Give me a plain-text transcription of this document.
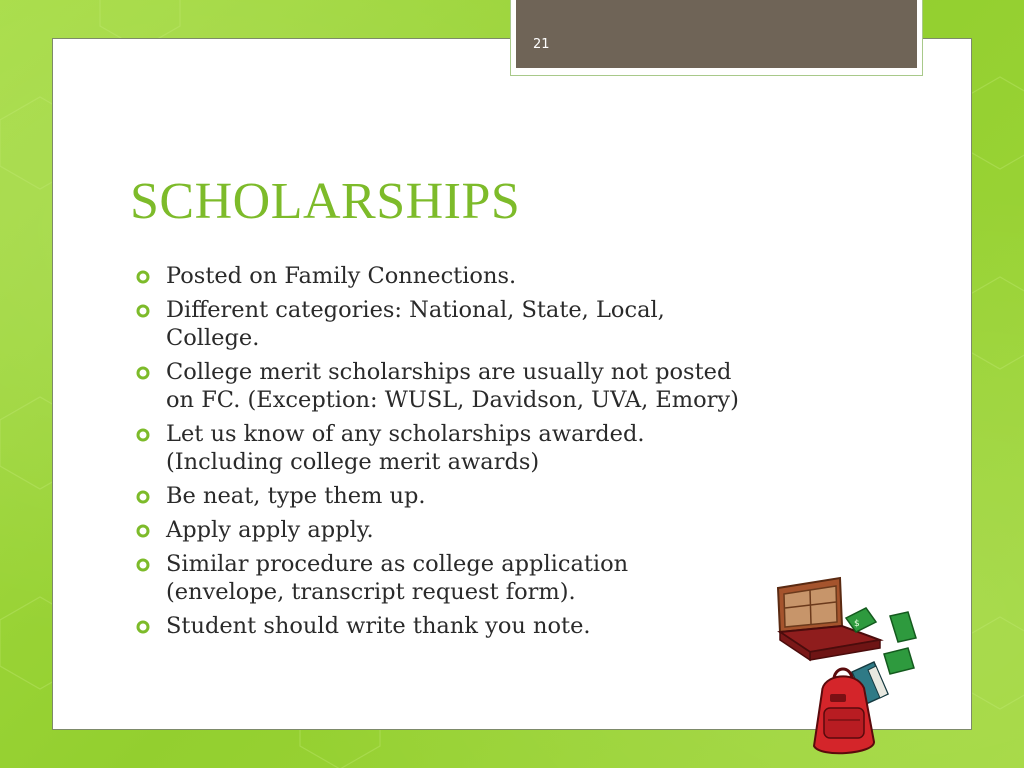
21
SCHOLARSHIPS
Posted on Family Connections.
Different categories: National, State, Local,
College.
College merit scholarships are usually not posted
on FC. (Exception: WUSL, Davidson, UVA, Emory)
Let us know of any scholarships awarded.
(Including college merit awards)
Be neat, type them up.
Apply apply apply.
Similar procedure as college application
(envelope, transcript request form).
Student should write thank you note.	$
